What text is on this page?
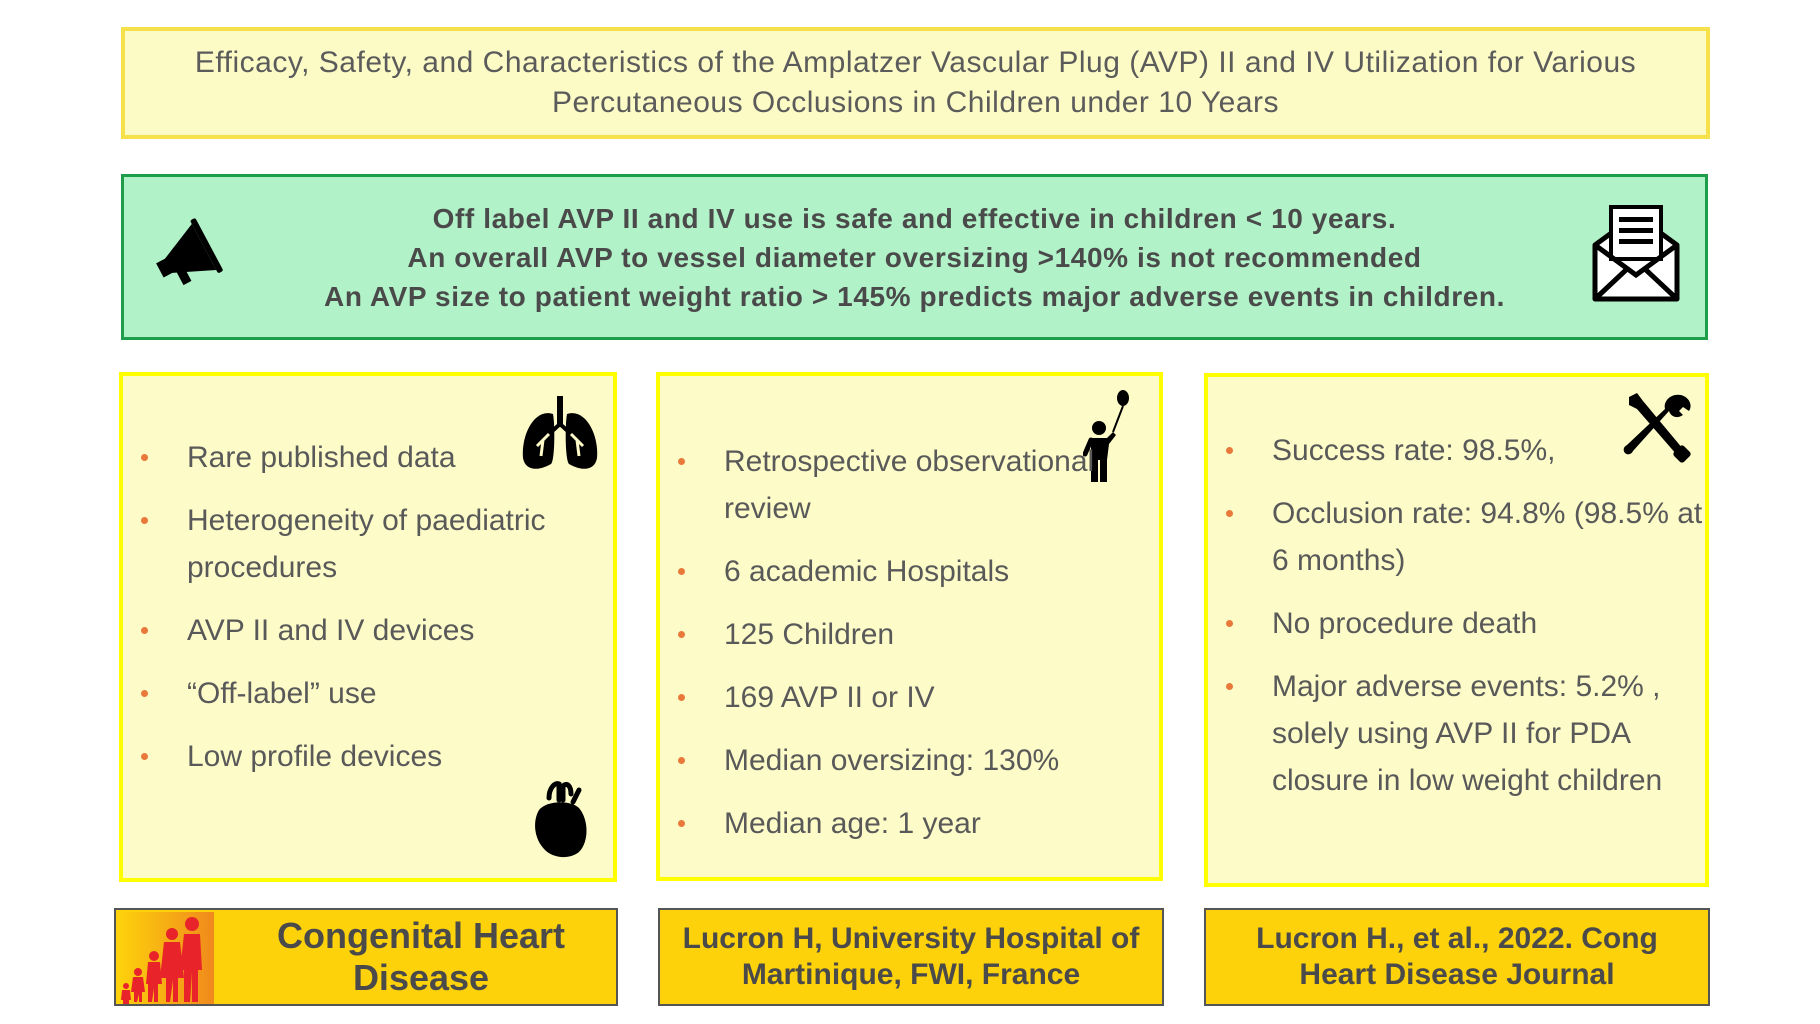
Efficacy, Safety, and Characteristics of the Amplatzer Vascular Plug (AVP) II and IV Utilization for Various
Percutaneous Occlusions in Children under 10 Years
Off label AVP II and IV use is safe and effective in children < 10 years.
An overall AVP to vessel diameter oversizing >140% is not recommended
An AVP size to patient weight ratio > 145% predicts major adverse events in children.
Rare published data
Heterogeneity of paediatric procedures
AVP II and IV devices
“Off-label” use
Low profile devices
Retrospective observational review
6 academic Hospitals
125 Children
169 AVP II or IV
Median oversizing: 130%
Median age: 1 year
Success rate: 98.5%,
Occlusion rate: 94.8% (98.5% at 6 months)
No procedure death
Major adverse events: 5.2% , solely using AVP II for PDA closure in low weight children
Congenital Heart
Disease
Lucron H, University Hospital of
Martinique, FWI, France
Lucron H., et al., 2022. Cong
Heart Disease Journal
